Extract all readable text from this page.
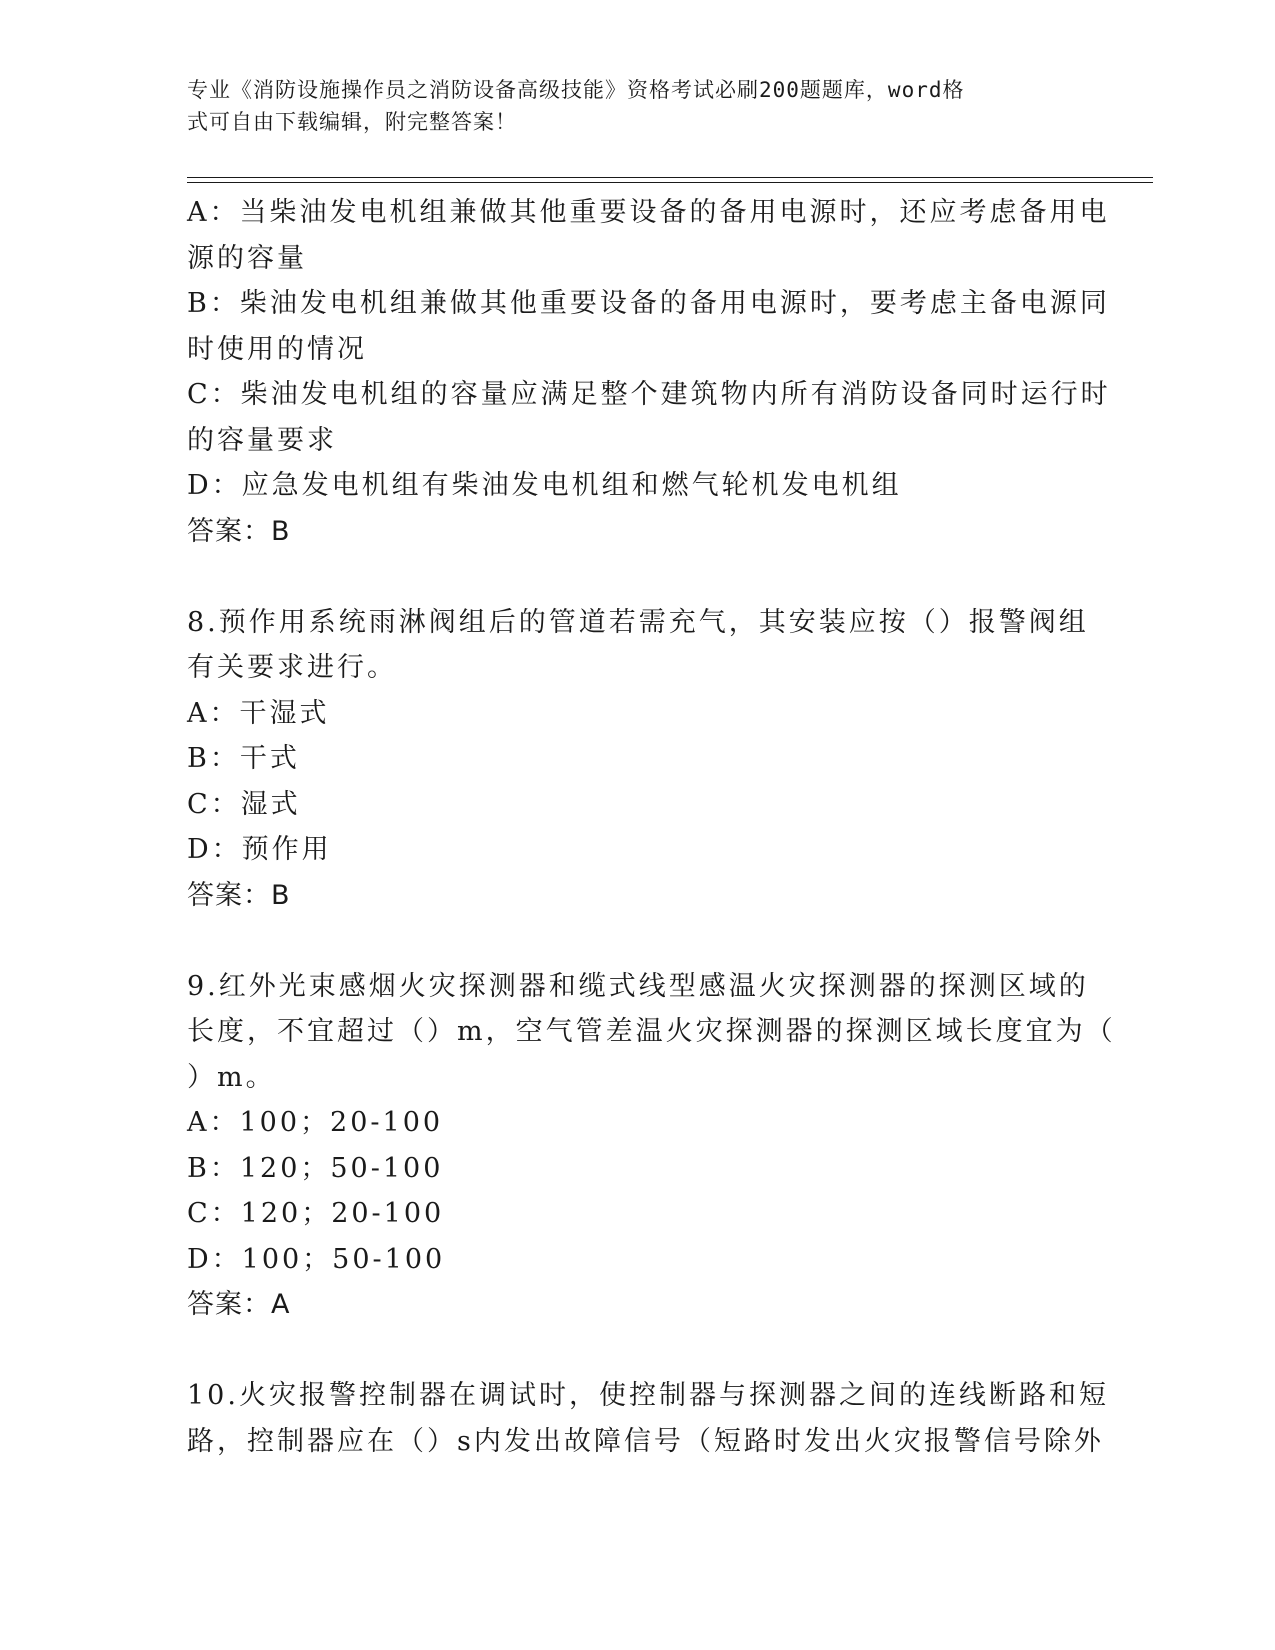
专业《消防设施操作员之消防设备高级技能》资格考试必刷200题题库，word格
式可自由下载编辑，附完整答案！
A：当柴油发电机组兼做其他重要设备的备用电源时，还应考虑备用电
源的容量
B：柴油发电机组兼做其他重要设备的备用电源时，要考虑主备电源同
时使用的情况
C：柴油发电机组的容量应满足整个建筑物内所有消防设备同时运行时
的容量要求
D：应急发电机组有柴油发电机组和燃气轮机发电机组
答案：B
8.预作用系统雨淋阀组后的管道若需充气，其安装应按（）报警阀组
有关要求进行。
A：干湿式
B：干式
C：湿式
D：预作用
答案：B
9.红外光束感烟火灾探测器和缆式线型感温火灾探测器的探测区域的
长度，不宜超过（）m，空气管差温火灾探测器的探测区域长度宜为（
）m。
A：100；20-100
B：120；50-100
C：120；20-100
D：100；50-100
答案：A
10.火灾报警控制器在调试时，使控制器与探测器之间的连线断路和短
路，控制器应在（）s内发出故障信号（短路时发出火灾报警信号除外
